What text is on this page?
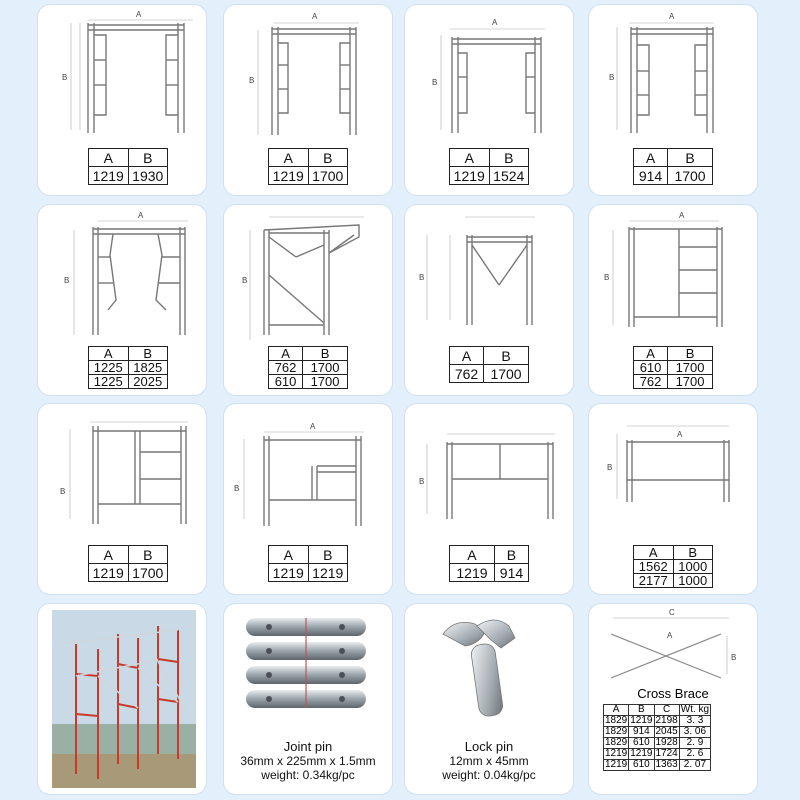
A
B
A	B
1219	1930
A
B
A	B
1219	1700
A
B
A	B
1219	1524
A
B
A	B
914	1700
A
B
A	B
1225	1825
1225	2025
B
A	B
762	1700
610	1700
B
A	B
762	1700
A
B
A	B
610	1700
762	1700
B
A	B
1219	1700
A
B
A	B
1219	1219
B
A	B
1219	914
A
B
A	B
1562	1000
2177	1000
Joint pin
36mm x 225mm x 1.5mm
weight: 0.34kg/pc
Lock pin
12mm x 45mm
weight: 0.04kg/pc
C
A
B
Cross Brace
A	B	C	Wt. kg
1829	1219	2198	3. 3
1829	914	2045	3. 06
1829	610	1928	2. 9
1219	1219	1724	2. 6
1219	610	1363	2. 07
